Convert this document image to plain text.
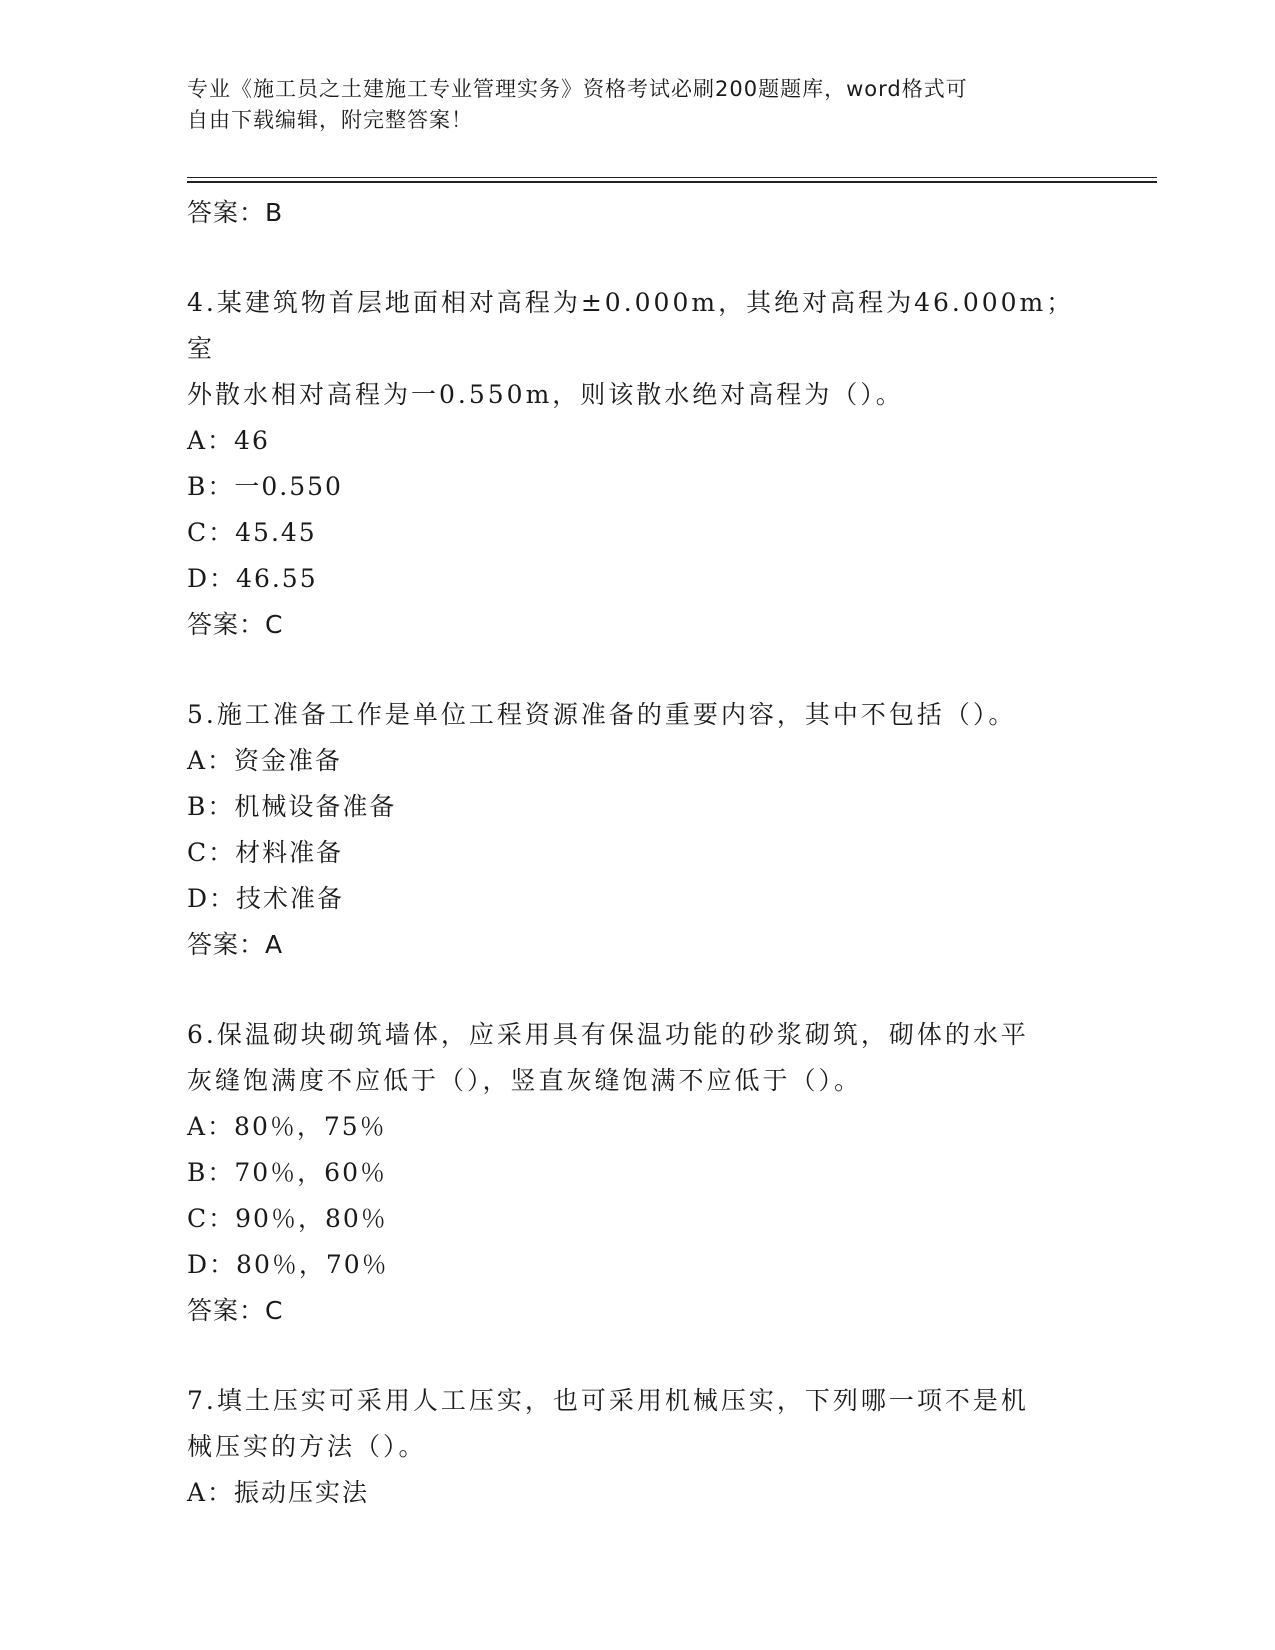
专业《施工员之土建施工专业管理实务》资格考试必刷200题题库，word格式可
自由下载编辑，附完整答案！
答案：B
4.某建筑物首层地面相对高程为±0.000m，其绝对高程为46.000m；室
外散水相对高程为一0.550m，则该散水绝对高程为（）。
A：46
B：一0.550
C：45.45
D：46.55
答案：C
5.施工准备工作是单位工程资源准备的重要内容，其中不包括（）。
A：资金准备
B：机械设备准备
C：材料准备
D：技术准备
答案：A
6.保温砌块砌筑墙体，应采用具有保温功能的砂浆砌筑，砌体的水平
灰缝饱满度不应低于（），竖直灰缝饱满不应低于（）。
A：80％，75％
B：70％，60％
C：90％，80％
D：80％，70％
答案：C
7.填土压实可采用人工压实，也可采用机械压实，下列哪一项不是机
械压实的方法（）。
A：振动压实法
